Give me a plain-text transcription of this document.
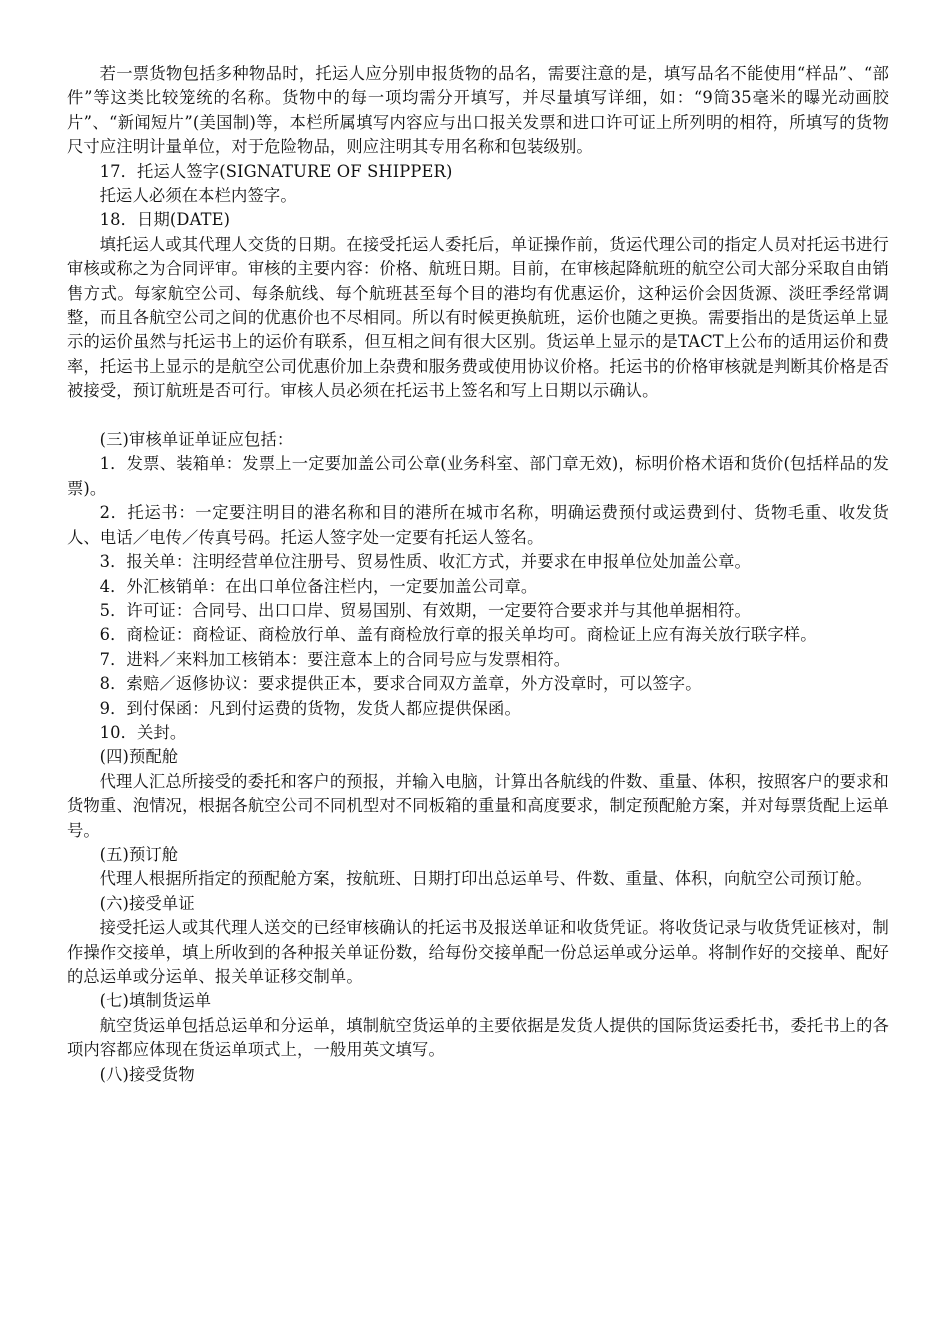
若一票货物包括多种物品时，托运人应分别申报货物的品名，需要注意的是，填写品名不能使用“样品”、“部件”等这类比较笼统的名称。货物中的每一项均需分开填写，并尽量填写详细，如：“9筒35毫米的曝光动画胶片”、“新闻短片”(美国制)等，本栏所属填写内容应与出口报关发票和进口许可证上所列明的相符，所填写的货物尺寸应注明计量单位，对于危险物品，则应注明其专用名称和包装级别。

17．托运人签字(SIGNATURE OF SHIPPER)

托运人必须在本栏内签字。

18．日期(DATE)

填托运人或其代理人交货的日期。在接受托运人委托后，单证操作前，货运代理公司的指定人员对托运书进行审核或称之为合同评审。审核的主要内容：价格、航班日期。目前，在审核起降航班的航空公司大部分采取自由销售方式。每家航空公司、每条航线、每个航班甚至每个目的港均有优惠运价，这种运价会因货源、淡旺季经常调整，而且各航空公司之间的优惠价也不尽相同。所以有时候更换航班，运价也随之更换。需要指出的是货运单上显示的运价虽然与托运书上的运价有联系，但互相之间有很大区别。货运单上显示的是TACT上公布的适用运价和费率，托运书上显示的是航空公司优惠价加上杂费和服务费或使用协议价格。托运书的价格审核就是判断其价格是否被接受，预订航班是否可行。审核人员必须在托运书上签名和写上日期以示确认。

(三)审核单证单证应包括：

1．发票、装箱单：发票上一定要加盖公司公章(业务科室、部门章无效)，标明价格术语和货价(包括样品的发票)。

2．托运书：一定要注明目的港名称和目的港所在城市名称，明确运费预付或运费到付、货物毛重、收发货人、电话／电传／传真号码。托运人签字处一定要有托运人签名。

3．报关单：注明经营单位注册号、贸易性质、收汇方式，并要求在申报单位处加盖公章。

4．外汇核销单：在出口单位备注栏内，一定要加盖公司章。

5．许可证：合同号、出口口岸、贸易国别、有效期，一定要符合要求并与其他单据相符。

6．商检证：商检证、商检放行单、盖有商检放行章的报关单均可。商检证上应有海关放行联字样。

7．进料／来料加工核销本：要注意本上的合同号应与发票相符。

8．索赔／返修协议：要求提供正本，要求合同双方盖章，外方没章时，可以签字。

9．到付保函：凡到付运费的货物，发货人都应提供保函。

10．关封。

(四)预配舱

代理人汇总所接受的委托和客户的预报，并输入电脑，计算出各航线的件数、重量、体积，按照客户的要求和货物重、泡情况，根据各航空公司不同机型对不同板箱的重量和高度要求，制定预配舱方案，并对每票货配上运单号。

(五)预订舱

代理人根据所指定的预配舱方案，按航班、日期打印出总运单号、件数、重量、体积，向航空公司预订舱。

(六)接受单证

接受托运人或其代理人送交的已经审核确认的托运书及报送单证和收货凭证。将收货记录与收货凭证核对，制作操作交接单，填上所收到的各种报关单证份数，给每份交接单配一份总运单或分运单。将制作好的交接单、配好的总运单或分运单、报关单证移交制单。

(七)填制货运单

航空货运单包括总运单和分运单，填制航空货运单的主要依据是发货人提供的国际货运委托书，委托书上的各项内容都应体现在货运单项式上，一般用英文填写。

(八)接受货物
